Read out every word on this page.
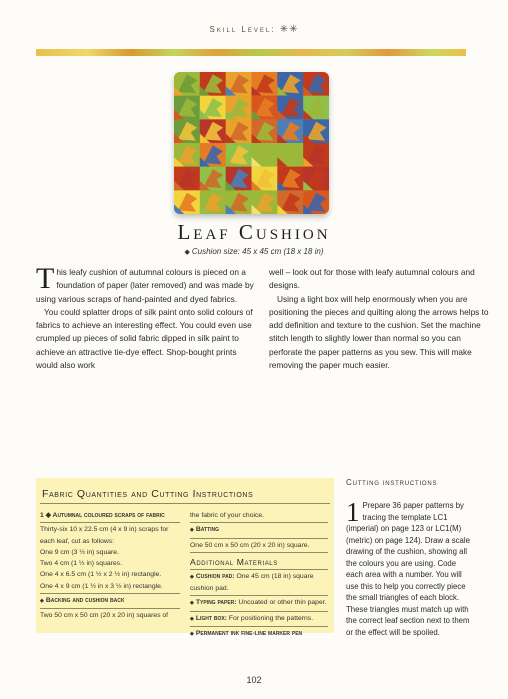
Skill Level: ✳✳
Leaf Cushion
◆ Cushion size: 45 x 45 cm (18 x 18 in)

This leafy cushion of autumnal colours is pieced on a foundation of paper (later removed) and was made by using various scraps of hand-painted and dyed fabrics.

You could splatter drops of silk paint onto solid colours of fabrics to achieve an interesting effect. You could even use crumpled up pieces of solid fabric dipped in silk paint to achieve an attractive tie-dye effect. Shop-bought prints would also work

well – look out for those with leafy autumnal colours and designs.

Using a light box will help enormously when you are positioning the pieces and quilting along the arrows helps to add definition and texture to the cushion. Set the machine stitch length to slightly lower than normal so you can perforate the paper patterns as you sew. This will make removing the paper much easier.

Fabric Quantities and Cutting Instructions
1 ◆ Autumnal coloured scraps of fabric
Thirty-six 10 x 22.5 cm (4 x 9 in) scraps for each leaf, cut as follows:
One 9 cm (3 ½ in) square.
Two 4 cm (1 ½ in) squares.
One 4 x 6.5 cm (1 ½ x 2 ½ in) rectangle.
One 4 x 9 cm (1 ½ in x 3 ½ in) rectangle.
◆ Backing and cushion back
Two 50 cm x 50 cm (20 x 20 in) squares of
the fabric of your choice.
◆ Batting
One 50 cm x 50 cm (20 x 20 in) square.
Additional Materials
◆ Cushion pad: One 45 cm (18 in) square cushion pad.
◆ Typing paper: Uncoated or other thin paper.
◆ Light box: For positioning the patterns.
◆ Permanent ink fine-line marker pen
Cutting instructions
1 Prepare 36 paper patterns by tracing the template LC1 (imperial) on page 123 or LC1(M) (metric) on page 124). Draw a scale drawing of the cushion, showing all the colours you are using. Code each area with a number. You will use this to help you correctly piece the small triangles of each block. These triangles must match up with the correct leaf section next to them or the effect will be spoiled.
102
